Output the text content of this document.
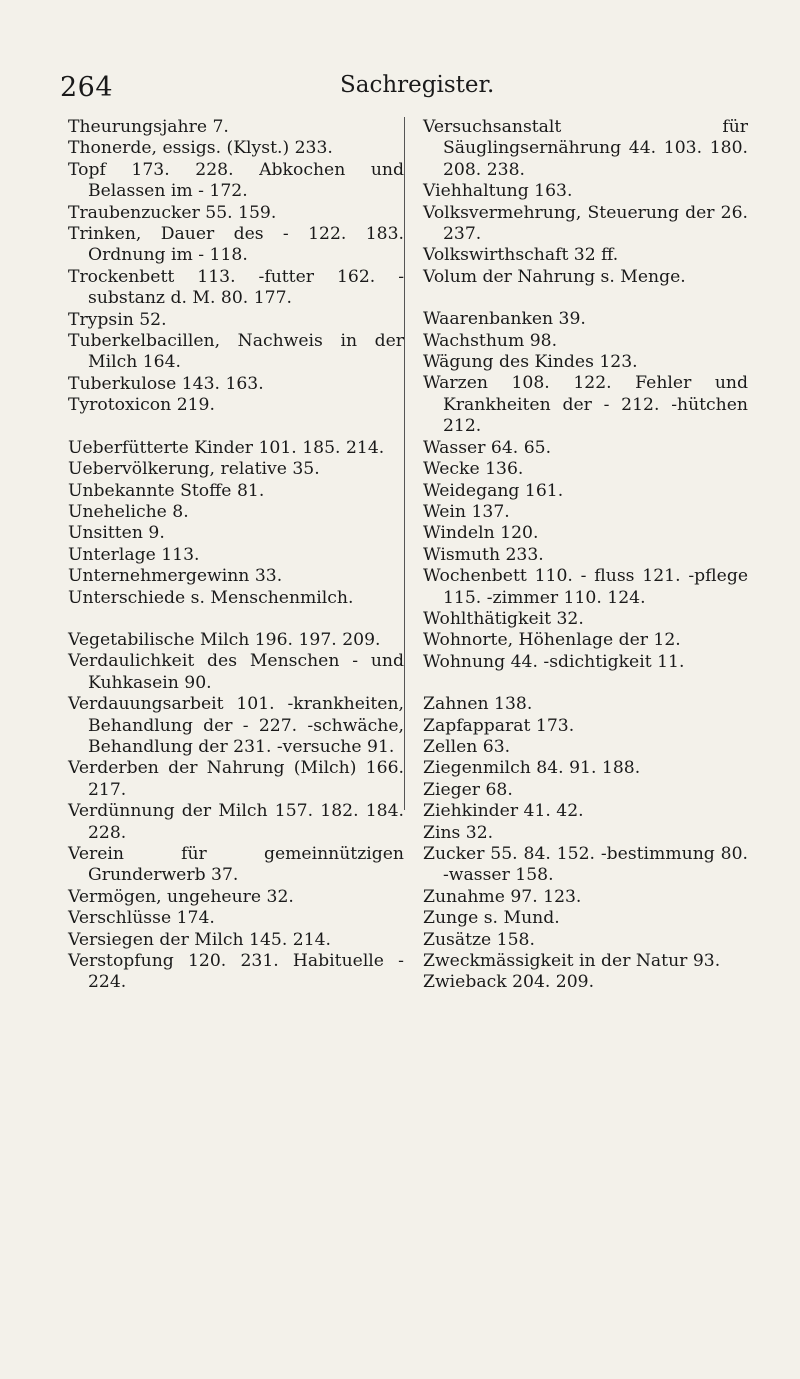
264	Sachregister.
Theurungsjahre 7.
Thonerde, essigs. (Klyst.) 233.
Topf 173. 228. Abkochen und Belassen im - 172.
Traubenzucker 55. 159.
Trinken, Dauer des - 122. 183. Ordnung im - 118.
Trockenbett 113. -futter 162. -substanz d. M. 80. 177.
Trypsin 52.
Tuberkelbacillen, Nachweis in der Milch 164.
Tuberkulose 143. 163.
Tyrotoxicon 219.
Ueberfütterte Kinder 101. 185. 214.
Uebervölkerung, relative 35.
Unbekannte Stoffe 81.
Uneheliche 8.
Unsitten 9.
Unterlage 113.
Unternehmergewinn 33.
Unterschiede s. Menschenmilch.
Vegetabilische Milch 196. 197. 209.
Verdaulichkeit des Menschen - und Kuhkasein 90.
Verdauungsarbeit 101. -krankheiten, Behandlung der - 227. -schwäche, Behandlung der 231. -versuche 91.
Verderben der Nahrung (Milch) 166. 217.
Verdünnung der Milch 157. 182. 184. 228.
Verein für gemeinnützigen Grunderwerb 37.
Vermögen, ungeheure 32.
Verschlüsse 174.
Versiegen der Milch 145. 214.
Verstopfung 120. 231. Habituelle - 224.
Versuchsanstalt für Säuglingsernährung 44. 103. 180. 208. 238.
Viehhaltung 163.
Volksvermehrung, Steuerung der 26. 237.
Volkswirthschaft 32 ff.
Volum der Nahrung s. Menge.
Waarenbanken 39.
Wachsthum 98.
Wägung des Kindes 123.
Warzen 108. 122. Fehler und Krankheiten der - 212. -hütchen 212.
Wasser 64. 65.
Wecke 136.
Weidegang 161.
Wein 137.
Windeln 120.
Wismuth 233.
Wochenbett 110. - fluss 121. -pflege 115. -zimmer 110. 124.
Wohlthätigkeit 32.
Wohnorte, Höhenlage der 12.
Wohnung 44. -sdichtigkeit 11.
Zahnen 138.
Zapfapparat 173.
Zellen 63.
Ziegenmilch 84. 91. 188.
Zieger 68.
Ziehkinder 41. 42.
Zins 32.
Zucker 55. 84. 152. -bestimmung 80. -wasser 158.
Zunahme 97. 123.
Zunge s. Mund.
Zusätze 158.
Zweckmässigkeit in der Natur 93.
Zwieback 204. 209.
